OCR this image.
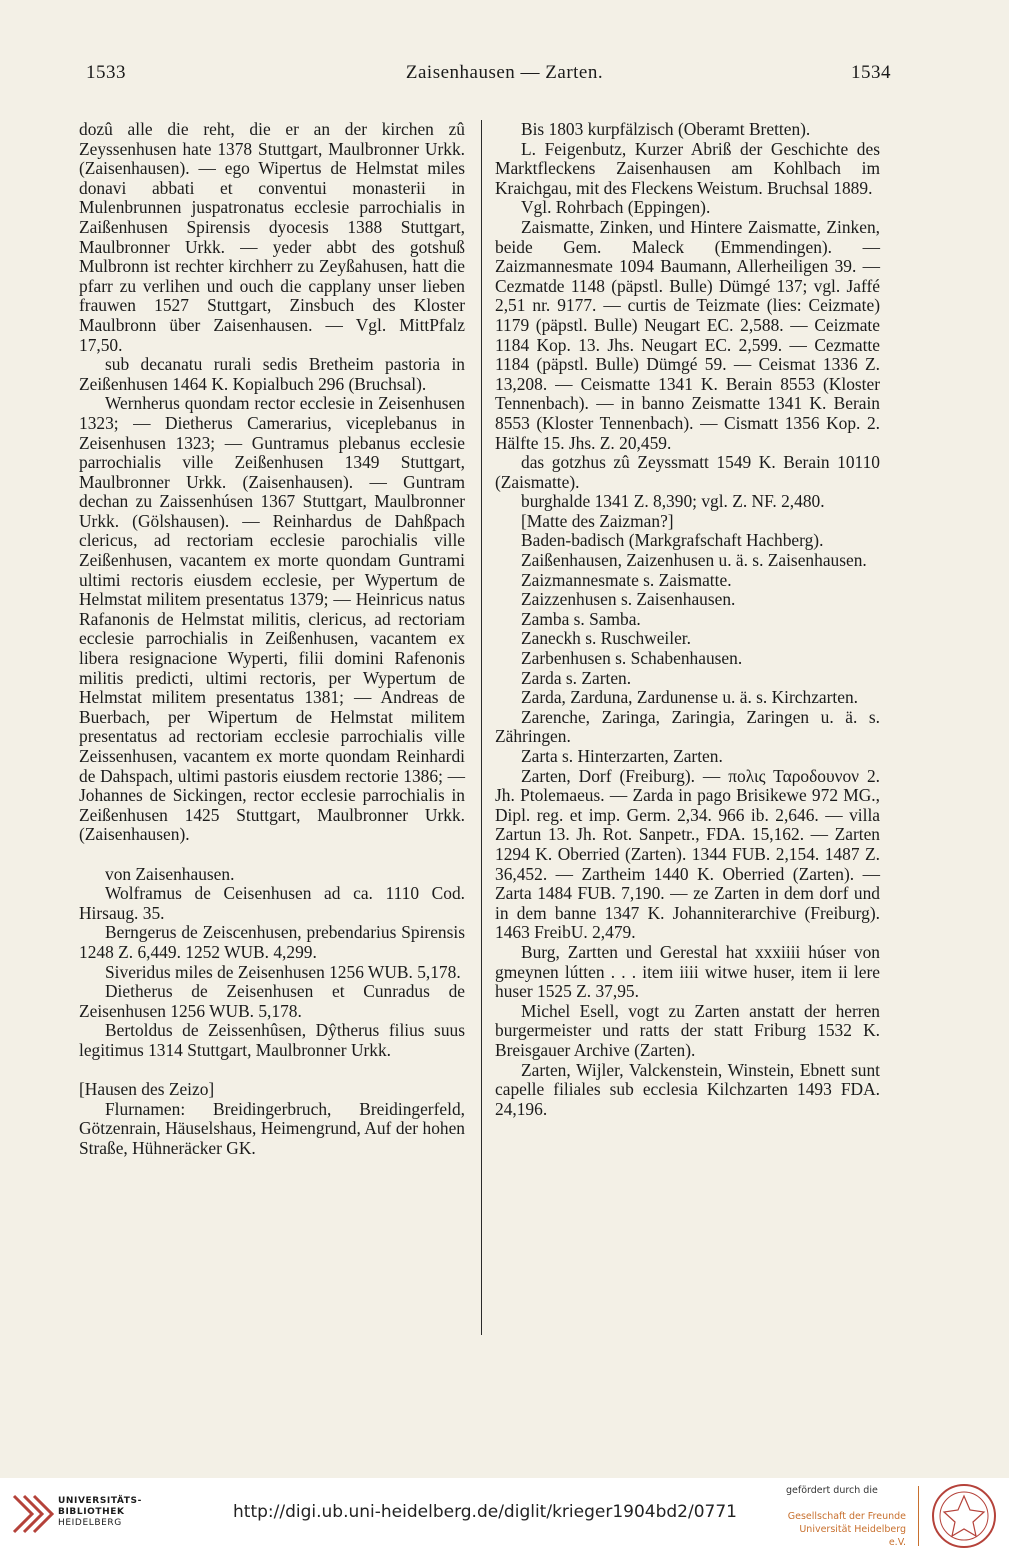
1533	Zaisenhausen — Zarten.	1534
dozû alle die reht, die er an der kirchen zû Zeyssenhusen hate 1378 Stuttgart, Maulbronner Urkk. (Zaisenhausen). — ego Wipertus de Helmstat miles donavi abbati et conventui monasterii in Mulenbrunnen juspatronatus ecclesie parrochialis in Zaißenhusen Spirensis dyocesis 1388 Stuttgart, Maulbronner Urkk. — yeder abbt des gotshuß Mulbronn ist rechter kirchherr zu Zeyßahusen, hatt die pfarr zu verlihen und ouch die capplany unser lieben frauwen 1527 Stuttgart, Zinsbuch des Kloster Maulbronn über Zaisenhausen. — Vgl. MittPfalz 17,50.
sub decanatu rurali sedis Bretheim pastoria in Zeißenhusen 1464 K. Kopialbuch 296 (Bruchsal).
Wernherus quondam rector ecclesie in Zeisenhusen 1323; — Dietherus Camerarius, viceplebanus in Zeisenhusen 1323; — Guntramus plebanus ecclesie parrochialis ville Zeißenhusen 1349 Stuttgart, Maulbronner Urkk. (Zaisenhausen). — Guntram dechan zu Zaissenhúsen 1367 Stuttgart, Maulbronner Urkk. (Gölshausen). — Reinhardus de Dahßpach clericus, ad rectoriam ecclesie parochialis ville Zeißenhusen, vacantem ex morte quondam Guntrami ultimi rectoris eiusdem ecclesie, per Wypertum de Helmstat militem presentatus 1379; — Heinricus natus Rafanonis de Helmstat militis, clericus, ad rectoriam ecclesie parrochialis in Zeißenhusen, vacantem ex libera resignacione Wyperti, filii domini Rafenonis militis predicti, ultimi rectoris, per Wypertum de Helmstat militem presentatus 1381; — Andreas de Buerbach, per Wipertum de Helmstat militem presentatus ad rectoriam ecclesie parrochialis ville Zeissenhusen, vacantem ex morte quondam Reinhardi de Dahspach, ultimi pastoris eiusdem rectorie 1386; — Johannes de Sickingen, rector ecclesie parrochialis in Zeißenhusen 1425 Stuttgart, Maulbronner Urkk. (Zaisenhausen).
von Zaisenhausen.
Wolframus de Ceisenhusen ad ca. 1110 Cod. Hirsaug. 35.
Berngerus de Zeiscenhusen, prebendarius Spirensis 1248 Z. 6,449. 1252 WUB. 4,299.
Siveridus miles de Zeisenhusen 1256 WUB. 5,178.
Dietherus de Zeisenhusen et Cunradus de Zeisenhusen 1256 WUB. 5,178.
Bertoldus de Zeissenhûsen, Dŷtherus filius suus legitimus 1314 Stuttgart, Maulbronner Urkk.
[Hausen des Zeizo]
Flurnamen: Breidingerbruch, Breidingerfeld, Götzenrain, Häuselshaus, Heimengrund, Auf der hohen Straße, Hühneräcker GK.
Bis 1803 kurpfälzisch (Oberamt Bretten).
L. Feigenbutz, Kurzer Abriß der Geschichte des Marktfleckens Zaisenhausen am Kohlbach im Kraichgau, mit des Fleckens Weistum. Bruchsal 1889.
Vgl. Rohrbach (Eppingen).
Zaismatte, Zinken, und Hintere Zaismatte, Zinken, beide Gem. Maleck (Emmendingen). — Zaizmannesmate 1094 Baumann, Allerheiligen 39. — Cezmatde 1148 (päpstl. Bulle) Dümgé 137; vgl. Jaffé 2,51 nr. 9177. — curtis de Teizmate (lies: Ceizmate) 1179 (päpstl. Bulle) Neugart EC. 2,588. — Ceizmate 1184 Kop. 13. Jhs. Neugart EC. 2,599. — Cezmatte 1184 (päpstl. Bulle) Dümgé 59. — Ceismat 1336 Z. 13,208. — Ceismatte 1341 K. Berain 8553 (Kloster Tennenbach). — in banno Zeismatte 1341 K. Berain 8553 (Kloster Tennenbach). — Cismatt 1356 Kop. 2. Hälfte 15. Jhs. Z. 20,459.
das gotzhus zû Zeyssmatt 1549 K. Berain 10110 (Zaismatte).
burghalde 1341 Z. 8,390; vgl. Z. NF. 2,480.
[Matte des Zaizman?]
Baden-badisch (Markgrafschaft Hachberg).
Zaißenhausen, Zaizenhusen u. ä. s. Zaisenhausen.
Zaizmannesmate s. Zaismatte.
Zaizzenhusen s. Zaisenhausen.
Zamba s. Samba.
Zaneckh s. Ruschweiler.
Zarbenhusen s. Schabenhausen.
Zarda s. Zarten.
Zarda, Zarduna, Zardunense u. ä. s. Kirchzarten.
Zarenche, Zaringa, Zaringia, Zaringen u. ä. s. Zähringen.
Zarta s. Hinterzarten, Zarten.
Zarten, Dorf (Freiburg). — πολις Ταροδουνον 2. Jh. Ptolemaeus. — Zarda in pago Brisikewe 972 MG., Dipl. reg. et imp. Germ. 2,34. 966 ib. 2,646. — villa Zartun 13. Jh. Rot. Sanpetr., FDA. 15,162. — Zarten 1294 K. Oberried (Zarten). 1344 FUB. 2,154. 1487 Z. 36,452. — Zartheim 1440 K. Oberried (Zarten). — Zarta 1484 FUB. 7,190. — ze Zarten in dem dorf und in dem banne 1347 K. Johanniterarchive (Freiburg). 1463 FreibU. 2,479.
Burg, Zartten und Gerestal hat xxxiiii húser von gmeynen lútten . . . item iiii witwe huser, item ii lere huser 1525 Z. 37,95.
Michel Esell, vogt zu Zarten anstatt der herren burgermeister und ratts der statt Friburg 1532 K. Breisgauer Archive (Zarten).
Zarten, Wijler, Valckenstein, Winstein, Ebnett sunt capelle filiales sub ecclesia Kilchzarten 1493 FDA. 24,196.
UNIVERSITÄTS-
BIBLIOTHEK
HEIDELBERG
http://digi.ub.uni-heidelberg.de/diglit/krieger1904bd2/0771
gefördert durch die
Gesellschaft der Freunde
Universität Heidelberg e.V.
